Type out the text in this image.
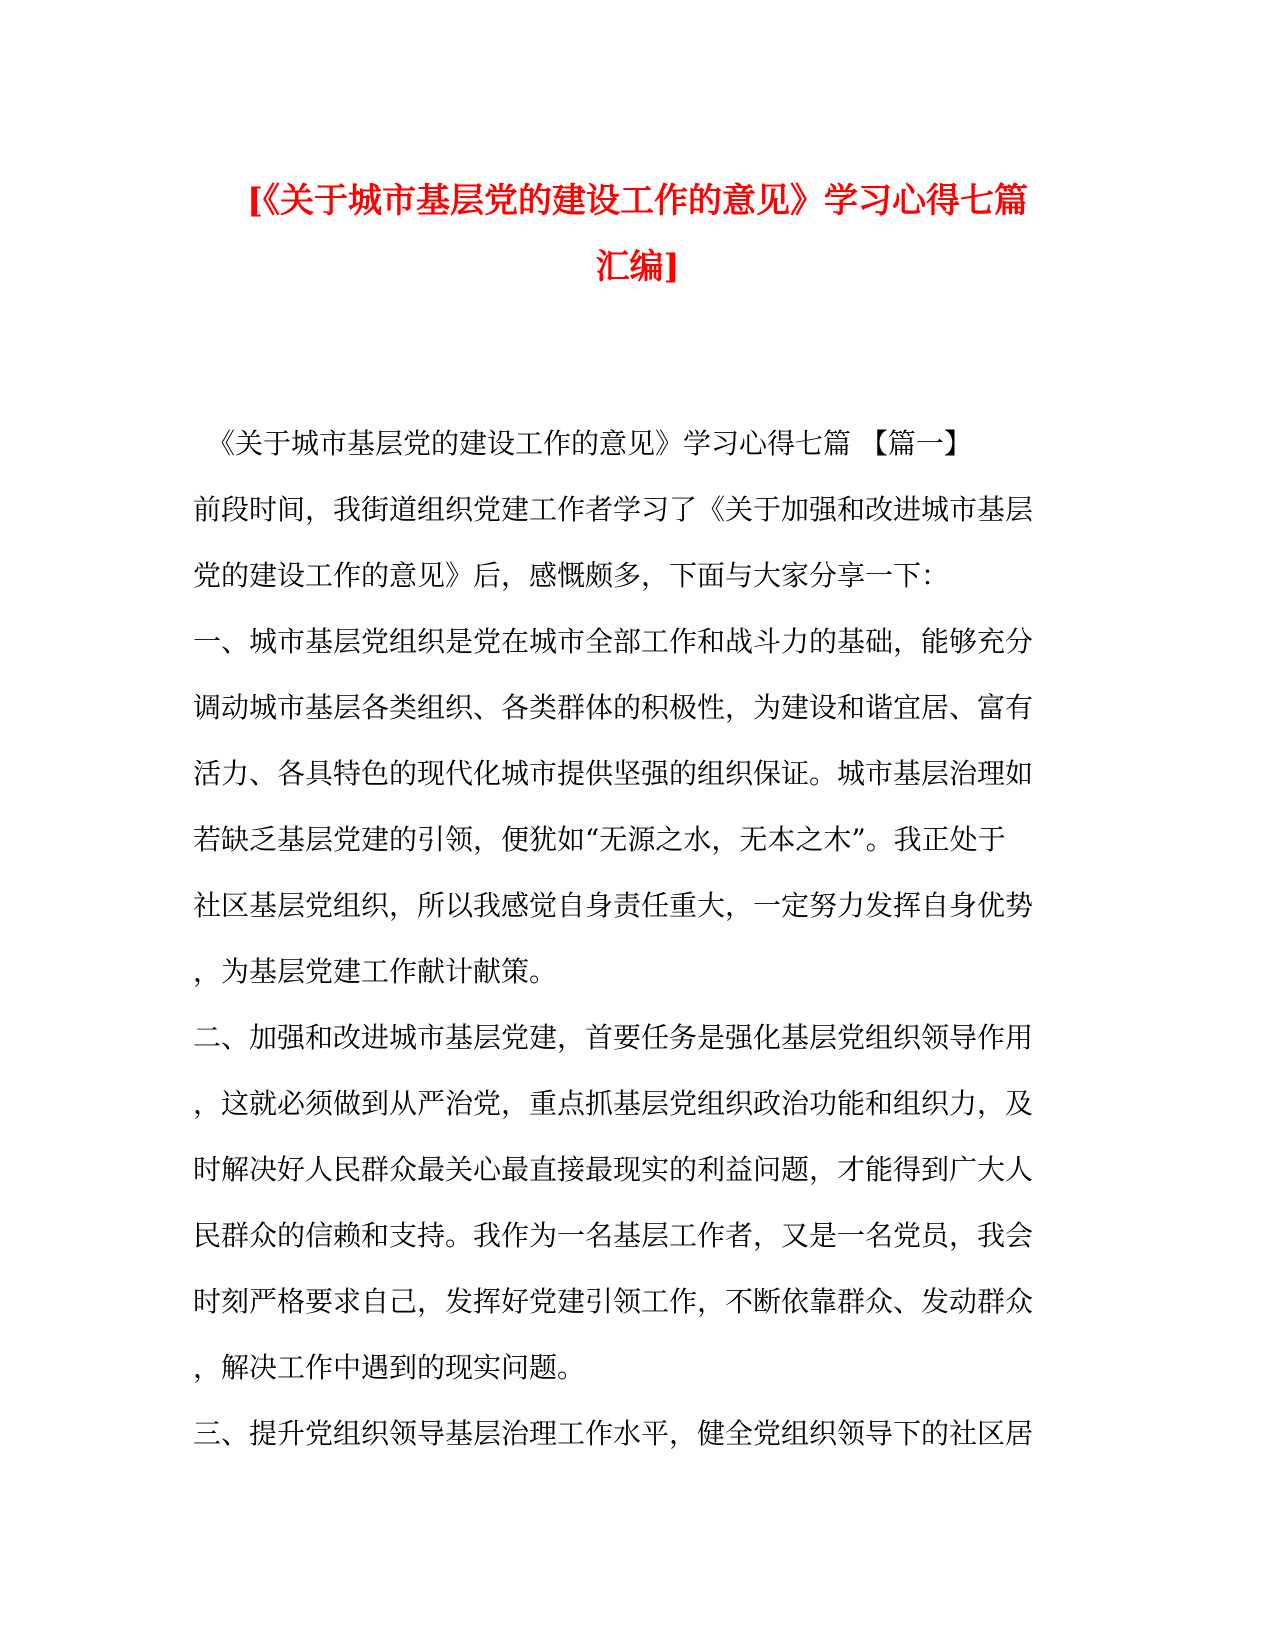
[《关于城市基层党的建设工作的意见》学习心得七篇
汇编]
《关于城市基层党的建设工作的意见》学习心得七篇 【篇一】
前段时间，我街道组织党建工作者学习了《关于加强和改进城市基层
党的建设工作的意见》后，感慨颇多，下面与大家分享一下：
一、城市基层党组织是党在城市全部工作和战斗力的基础，能够充分
调动城市基层各类组织、各类群体的积极性，为建设和谐宜居、富有
活力、各具特色的现代化城市提供坚强的组织保证。城市基层治理如
若缺乏基层党建的引领，便犹如“无源之水，无本之木”。我正处于
社区基层党组织，所以我感觉自身责任重大，一定努力发挥自身优势
，为基层党建工作献计献策。
二、加强和改进城市基层党建，首要任务是强化基层党组织领导作用
，这就必须做到从严治党，重点抓基层党组织政治功能和组织力，及
时解决好人民群众最关心最直接最现实的利益问题，才能得到广大人
民群众的信赖和支持。我作为一名基层工作者，又是一名党员，我会
时刻严格要求自己，发挥好党建引领工作，不断依靠群众、发动群众
，解决工作中遇到的现实问题。
三、提升党组织领导基层治理工作水平，健全党组织领导下的社区居
